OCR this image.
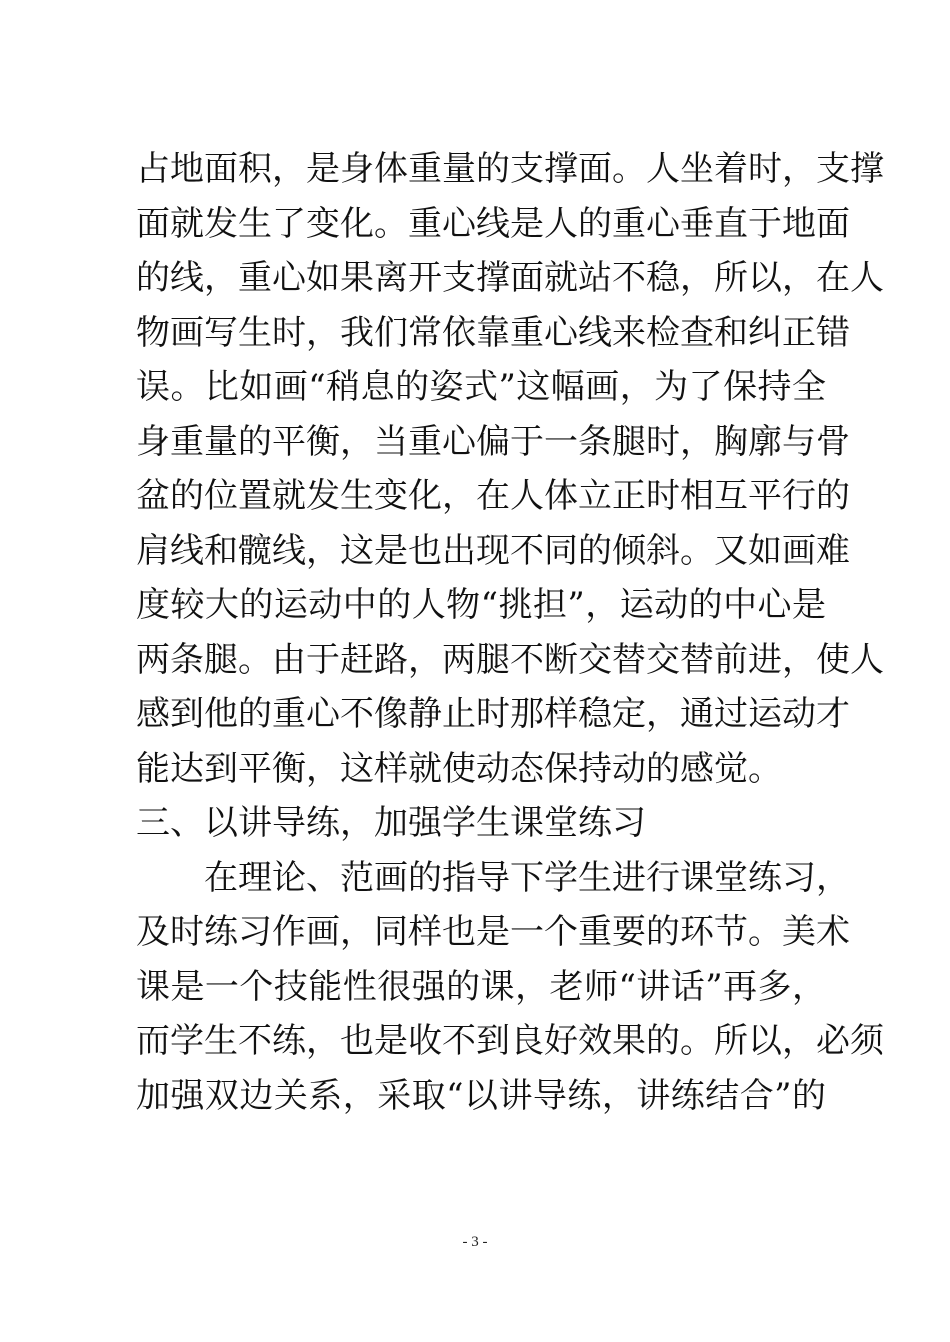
占地面积，是身体重量的支撑面。人坐着时，支撑
面就发生了变化。重心线是人的重心垂直于地面
的线，重心如果离开支撑面就站不稳，所以，在人
物画写生时，我们常依靠重心线来检查和纠正错
误。比如画“稍息的姿式”这幅画，为了保持全
身重量的平衡，当重心偏于一条腿时，胸廓与骨
盆的位置就发生变化，在人体立正时相互平行的
肩线和髋线，这是也出现不同的倾斜。又如画难
度较大的运动中的人物“挑担”，运动的中心是
两条腿。由于赶路，两腿不断交替交替前进，使人
感到他的重心不像静止时那样稳定，通过运动才
能达到平衡，这样就使动态保持动的感觉。
三、以讲导练，加强学生课堂练习
在理论、范画的指导下学生进行课堂练习，
及时练习作画，同样也是一个重要的环节。美术
课是一个技能性很强的课，老师“讲话”再多，
而学生不练，也是收不到良好效果的。所以，必须
加强双边关系，采取“以讲导练，讲练结合”的
- 3 -
